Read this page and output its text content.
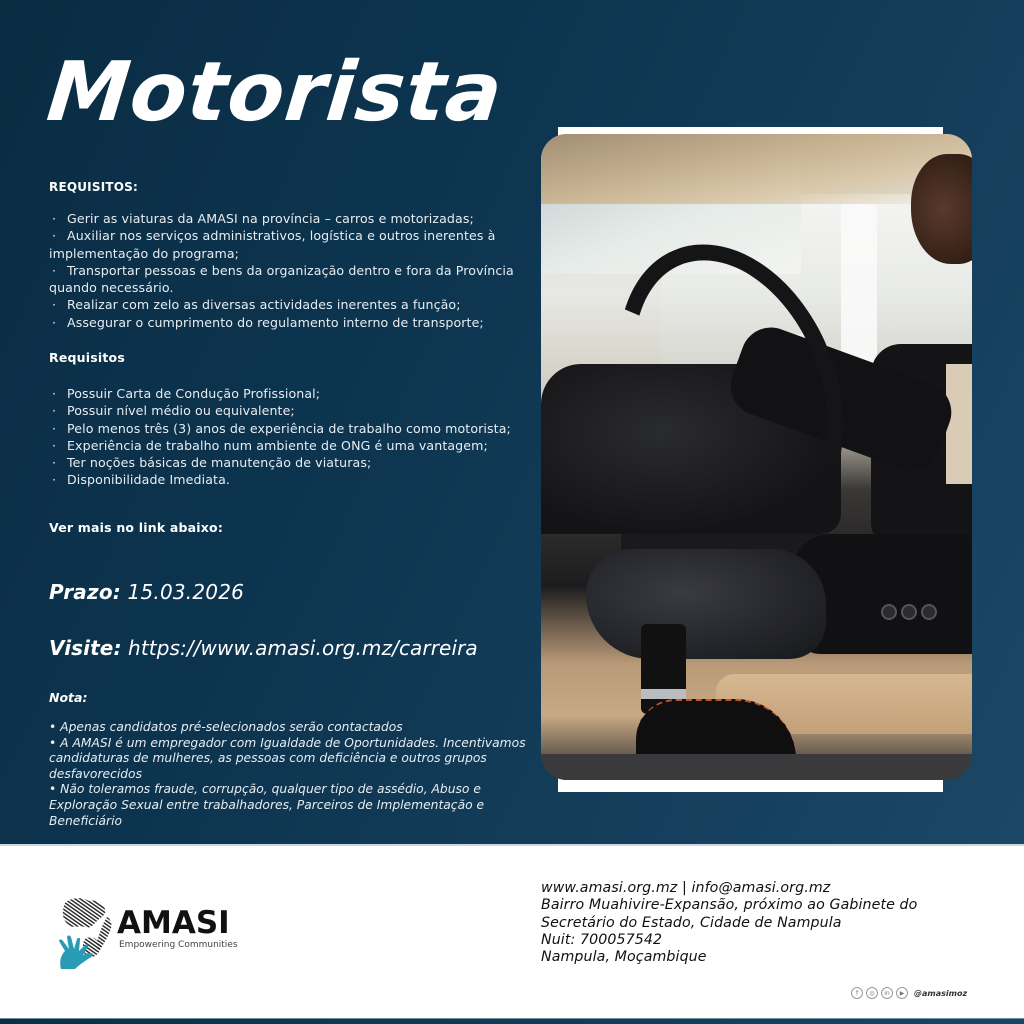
Motorista
REQUISITOS:
· Gerir as viaturas da AMASI na província – carros e motorizadas;
· Auxiliar nos serviços administrativos, logística e outros inerentes à implementação do programa;
· Transportar pessoas e bens da organização dentro e fora da Província quando necessário.
· Realizar com zelo as diversas actividades inerentes a função;
· Assegurar o cumprimento do regulamento interno de transporte;
Requisitos
· Possuir Carta de Condução Profissional;
· Possuir nível médio ou equivalente;
· Pelo menos três (3) anos de experiência de trabalho como motorista;
· Experiência de trabalho num ambiente de ONG é uma vantagem;
· Ter noções básicas de manutenção de viaturas;
· Disponibilidade Imediata.
Ver mais no link abaixo:
Prazo: 15.03.2026
Visite: https://www.amasi.org.mz/carreira
Nota:
• Apenas candidatos pré-selecionados serão contactados
• A AMASI é um empregador com Igualdade de Oportunidades. Incentivamos candidaturas de mulheres, as pessoas com deficiência e outros grupos desfavorecidos
• Não toleramos fraude, corrupção, qualquer tipo de assédio, Abuso e Exploração Sexual entre trabalhadores, Parceiros de Implementação e Beneficiário
AMASI
Empowering Communities
www.amasi.org.mz | info@amasi.org.mz
Bairro Muahivire-Expansão, próximo ao Gabinete do
Secretário do Estado, Cidade de Nampula
Nuit: 700057542
Nampula, Moçambique
f	◎	in	▶	@amasimoz
